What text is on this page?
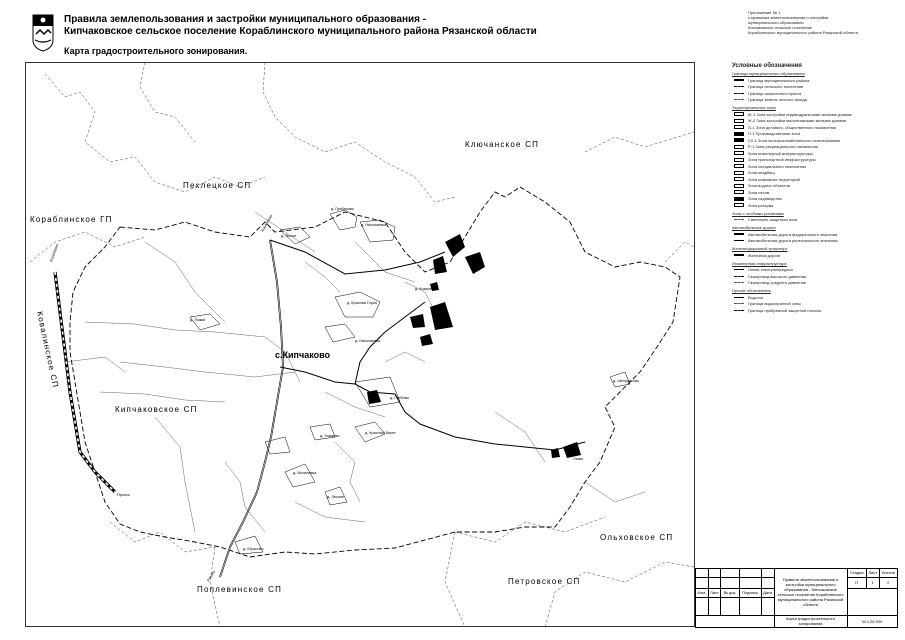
Правила землепользования и застройки муниципального образования -
Кипчаковское сельское поселение Кораблинского муниципального района Рязанской области
Карта градостроительного зонирования.
Приложение № 1
к правилам землепользования и застройки
муниципального образования
Кипчаковское сельское поселение
Кораблинского муниципального района Рязанской области
Ключанское СП
Пехлецкое СП
Кораблинское ГП
Кипчаковское СП
Ольховское СП
Поплевинское СП
Петровское СП
Ковалинское СП	с.Кипчаково
д. Грибаново
д. Николаевка
д. Ясное
д. Ложки
д. Красная Горка
д. Николаевка
д. Ковалево
д. Глебово
д. Красный Берег
д. Ушаково
д. Могилевка
д. Юрасово
д. Шелудяково
д. Лесное
Кораблино
Кораблино
Рязань
Пронск
Узово
Условные обозначения
Границы муниципального образования
Граница муниципального района
Граница сельского поселения
Граница населенного пункта
Граница земель лесного фонда
Территориальные зоны
Ж-1 Зона застройки индивидуальными жилыми домами
Ж-2 Зона застройки малоэтажными жилыми домами
О-1 Зона делового, общественного назначения
П-1 Производственная зона
СХ-1 Зона сельскохозяйственного использования
Р-1 Зона рекреационного назначения
Зона инженерной инфраструктуры
Зона транспортной инфраструктуры
Зона специального назначения
Зона кладбищ
Зона режимных территорий
Зона водных объектов
Зона лесов
Зона садоводства
Зона резерва
Зоны с особыми условиями
Санитарно-защитная зона
Автомобильные дороги
Автомобильная дорога федерального значения
Автомобильная дорога регионального значения
Железнодорожный транспорт
Железная дорога
Инженерная инфраструктура
Линия электропередачи
Газопровод высокого давления
Газопровод среднего давления
Прочие обозначения
Водоток
Граница водоохранной зоны
Граница прибрежной защитной полосы
					Правила землепользования и застройки муниципального образования - Кипчаковское сельское поселение Кораблинского муниципального района Рязанской области	Стадия	Лист	Листов
						П	1	2
Изм.	Лист	№ док.	Подпись	Дата				

					Карта градостроительного зонирования	М 1:25 000		
